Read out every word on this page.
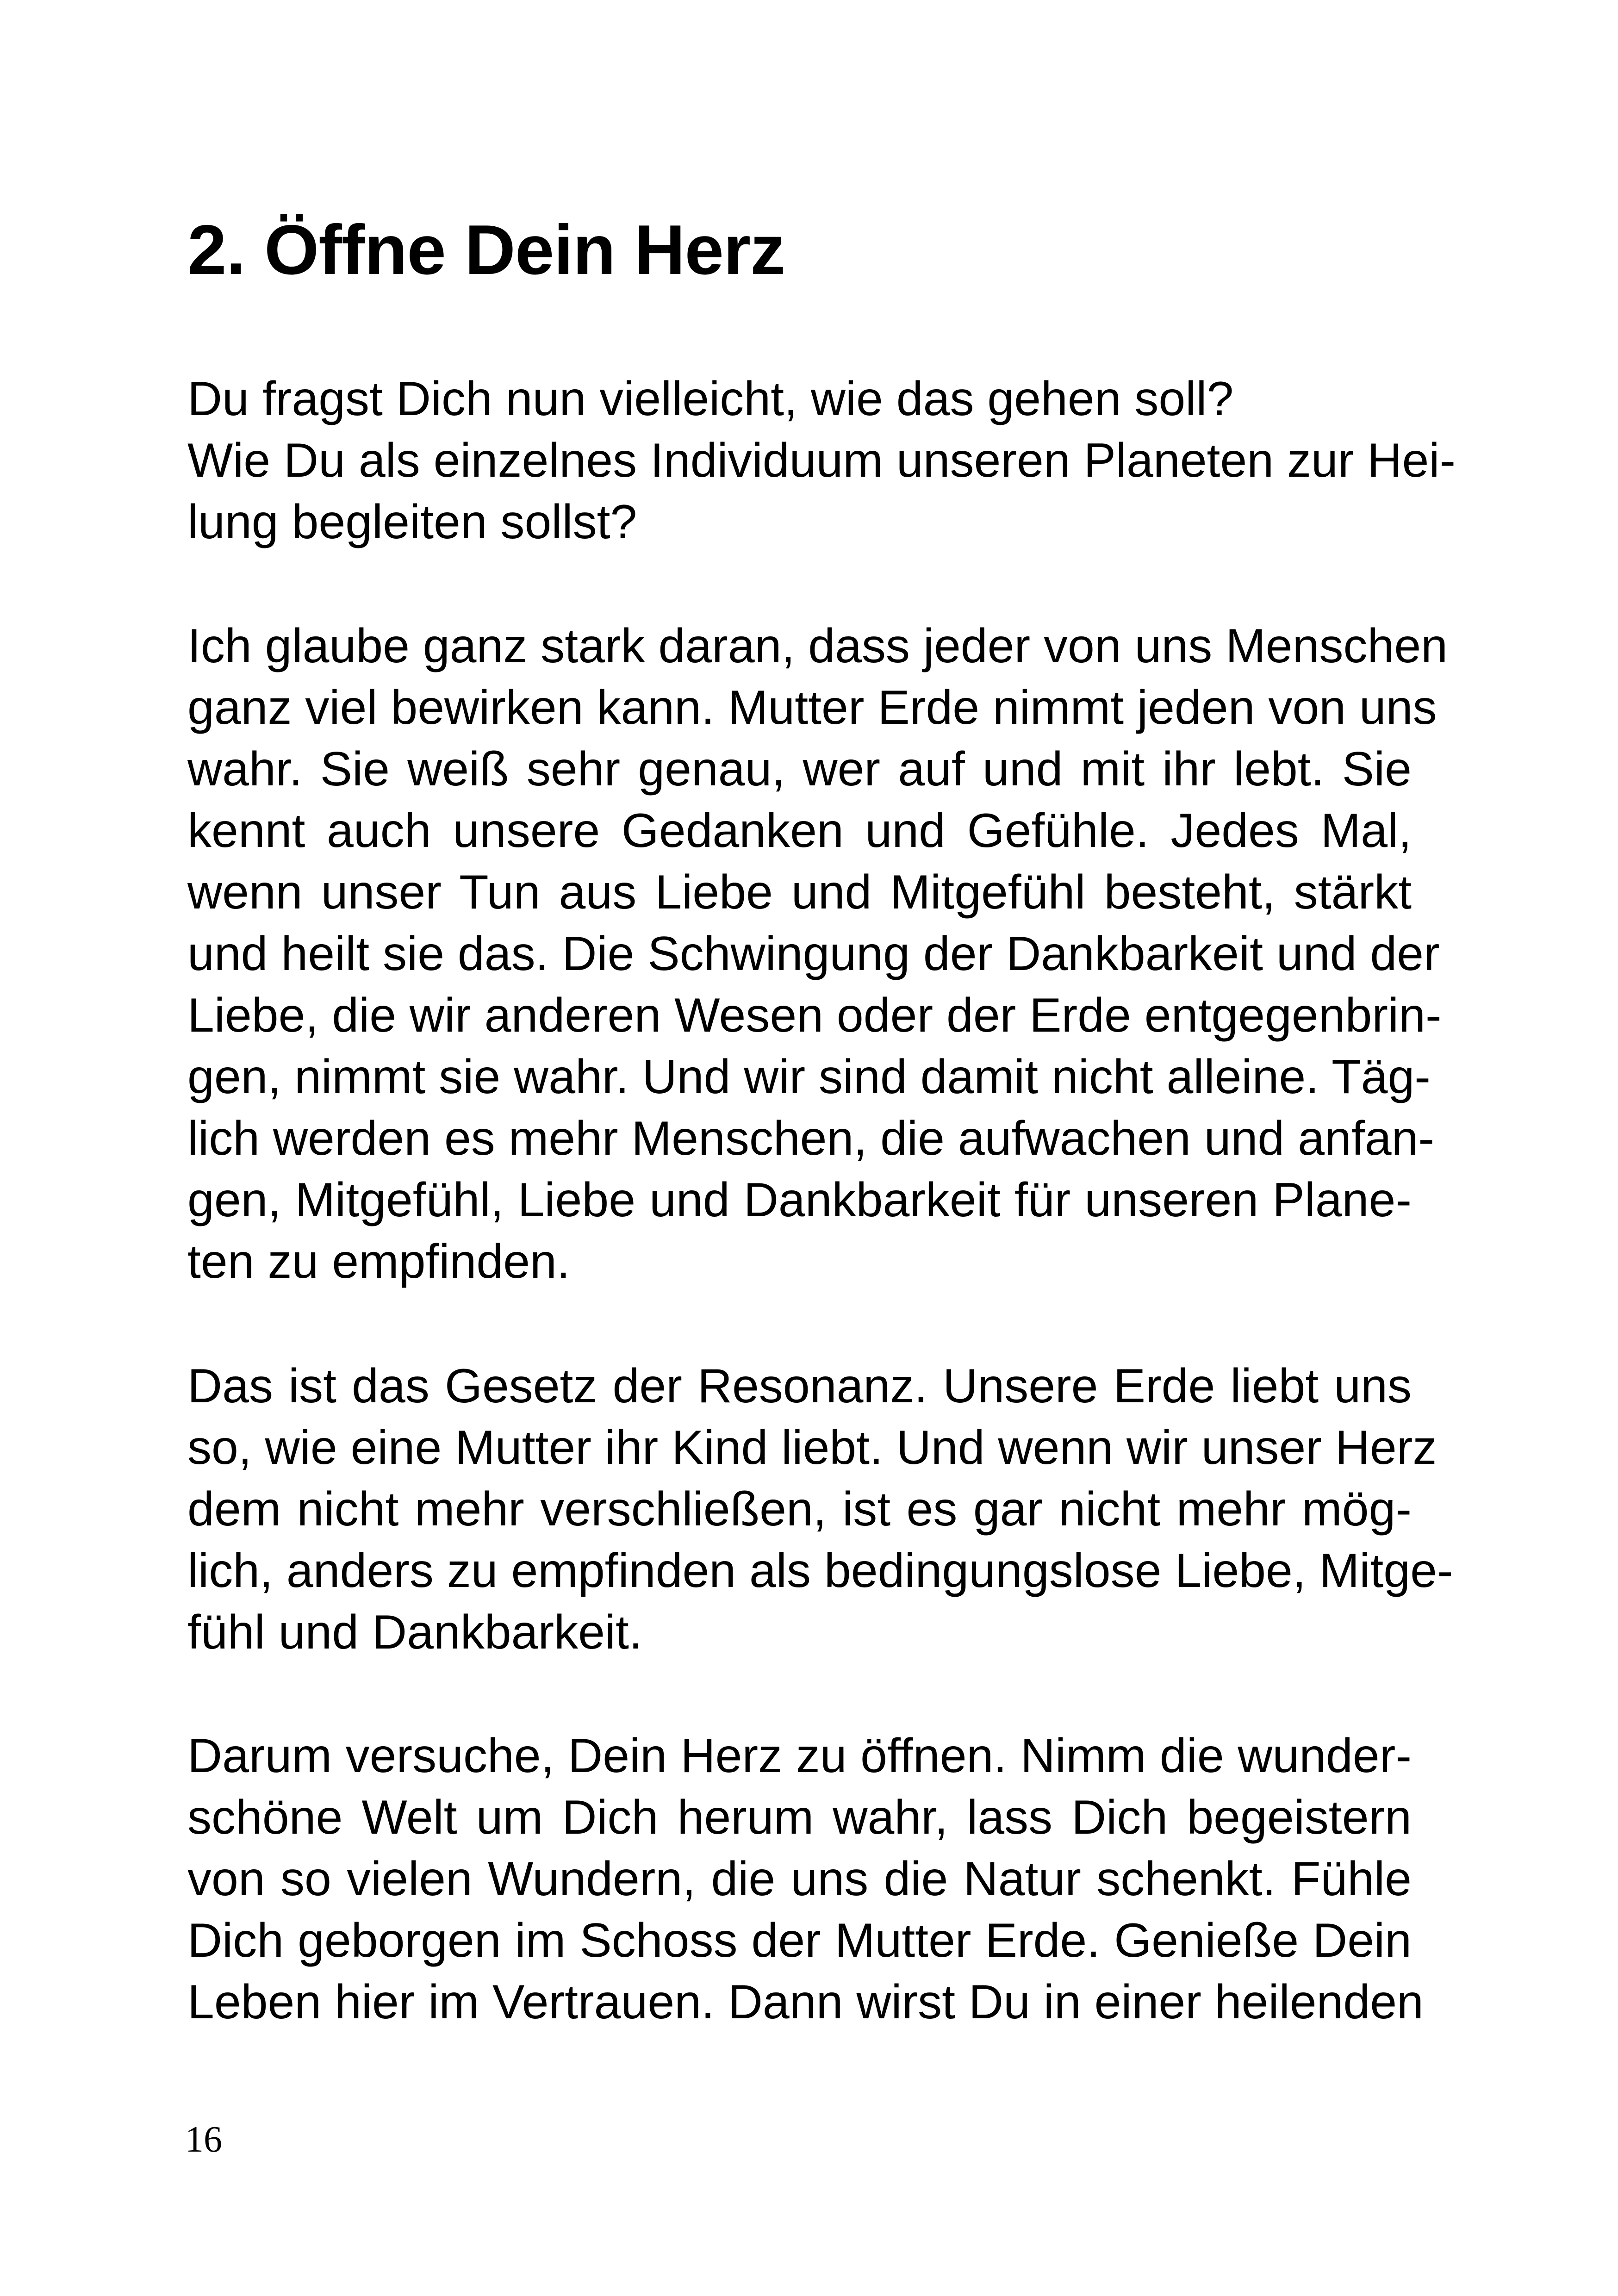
2. Öffne Dein Herz
Du fragst Dich nun vielleicht, wie das gehen soll?
Wie Du als einzelnes Individuum unseren Planeten zur Hei-
lung begleiten sollst?
Ich glaube ganz stark daran, dass jeder von uns Menschen
ganz viel bewirken kann. Mutter Erde nimmt jeden von uns
wahr. Sie weiß sehr genau, wer auf und mit ihr lebt. Sie
kennt auch unsere Gedanken und Gefühle. Jedes Mal,
wenn unser Tun aus Liebe und Mitgefühl besteht, stärkt
und heilt sie das. Die Schwingung der Dankbarkeit und der
Liebe, die wir anderen Wesen oder der Erde entgegenbrin-
gen, nimmt sie wahr. Und wir sind damit nicht alleine. Täg-
lich werden es mehr Menschen, die aufwachen und anfan-
gen, Mitgefühl, Liebe und Dankbarkeit für unseren Plane-
ten zu empfinden.
Das ist das Gesetz der Resonanz. Unsere Erde liebt uns
so, wie eine Mutter ihr Kind liebt. Und wenn wir unser Herz
dem nicht mehr verschließen, ist es gar nicht mehr mög-
lich, anders zu empfinden als bedingungslose Liebe, Mitge-
fühl und Dankbarkeit.
Darum versuche, Dein Herz zu öffnen. Nimm die wunder-
schöne Welt um Dich herum wahr, lass Dich begeistern
von so vielen Wundern, die uns die Natur schenkt. Fühle
Dich geborgen im Schoss der Mutter Erde. Genieße Dein
Leben hier im Vertrauen. Dann wirst Du in einer heilenden
16
